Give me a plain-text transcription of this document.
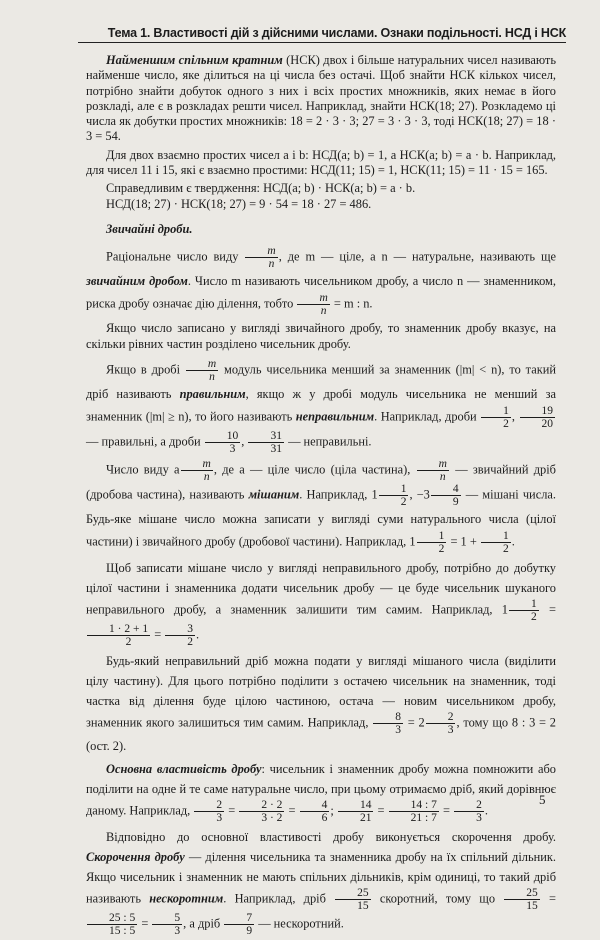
Тема 1. Властивості дій з дійсними числами. Ознаки подільності. НСД і НСК

Найменшим спільним кратним (НСК) двох і більше натуральних чисел називають найменше число, яке ділиться на ці числа без остачі. Щоб знайти НСК кількох чисел, потрібно знайти добуток одного з них і всіх простих множників, яких немає в його розкладі, але є в розкладах решти чисел. Наприклад, знайти НСК(18; 27). Розкладемо ці числа як добутки простих множників: 18 = 2 · 3 · 3; 27 = 3 · 3 · 3, тоді НСК(18; 27) = 18 · 3 = 54.

Для двох взаємно простих чисел a і b: НСД(a; b) = 1, а НСК(a; b) = a · b. Наприклад, для чисел 11 і 15, які є взаємно простими: НСД(11; 15) = 1, НСК(11; 15) = 11 · 15 = 165.

Справедливим є твердження: НСД(a; b) · НСК(a; b) = a · b.

НСД(18; 27) · НСК(18; 27) = 9 · 54 = 18 · 27 = 486.

Звичайні дроби.

Раціональне число виду $\frac{m}{n}$ , де m — ціле, а n — натуральне, називають ще звичайним дробом. Число m називають чисельником дробу, а число n — знаменником, риска дробу означає дію ділення, тобто $\frac{m}{n} = m$ : n.

Якщо число записано у вигляді звичайного дробу, то знаменник дробу вказує, на скільки рівних частин розділено чисельник дробу.

Якщо в дробі $\frac{m}{n}$ модуль чисельника менший за знаменник (|m| < n), то такий дріб називають правильним, якщо ж у дробі модуль чисельника не менший за знаменник (|m| ≥ n), то його називають неправильним. Наприклад, дроби $\frac{1}{2}$ , $\frac{19}{20}$
— правильні, а дроби $\frac{10}{3}$ , $\frac{31}{31}$ — неправильні.

Число виду a $\frac{m}{n}$ , де a — ціле число (ціла частина), $\frac{m}{n}$ — звичайний дріб (дробова частина), називають мішаним. Наприклад, $1 \frac{1}{2}$ , $-3 \frac{4}{9}$ — мішані числа. Будь-яке мішане число можна записати у вигляді суми натурального числа (цілої частини) і звичайного дробу (дробової частини). Наприклад, $1 \frac{1}{2} = 1 + \frac{1}{2}$ .

Щоб записати мішане число у вигляді неправильного дробу, потрібно до добутку цілої частини і знаменника додати чисельник дробу — це буде чисельник шуканого неправильного дробу, а знаменник залишити тим самим. Наприклад, $1 \frac{1}{2}$ =
$\frac{1 \cdot 2 + 1}{2} = \frac{3}{2}$ .

Будь-який неправильний дріб можна подати у вигляді мішаного числа (виділити цілу частину). Для цього потрібно поділити з остачею чисельник на знаменник, тоді частка від ділення буде цілою частиною, остача — новим чисельником дробу, знаменник якого залишиться тим самим. Наприклад, $\frac{8}{3} = 2 \frac{2}{3}$ , тому що 8 : 3 = 2 (ост. 2).

Основна властивість дробу: чисельник і знаменник дробу можна помножити або поділити на одне й те саме натуральне число, при цьому отримаємо дріб, який дорівнює даному. Наприклад, $\frac{2}{3} = \frac{2 \cdot 2}{3 \cdot 2} = \frac{4}{6}$ ; $\frac{14}{21} = \frac{14 : 7}{21 : 7} = \frac{2}{3}$ .

Відповідно до основної властивості дробу виконується скорочення дробу. Скорочення дробу — ділення чисельника та знаменника дробу на їх спільний дільник. Якщо чисельник і знаменник не мають спільних дільників, крім одиниці, то такий дріб називають нескоротним. Наприклад, дріб $\frac{25}{15}$ скоротний, тому що $\frac{25}{15}$ =
$\frac{25 : 5}{15 : 5} = \frac{5}{3}$ , а дріб $\frac{7}{9}$ — нескоротний.

5
